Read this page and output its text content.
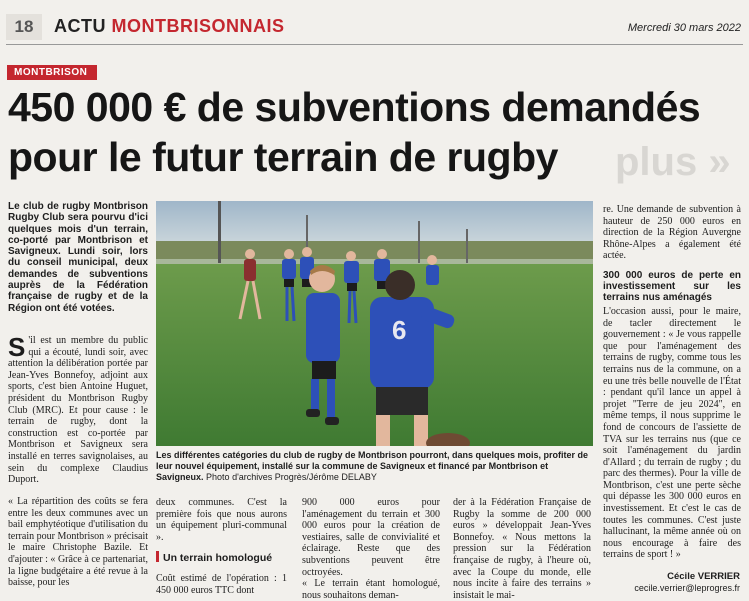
18	ACTU MONTBRISONNAIS	Mercredi 30 mars 2022
plus »
MONTBRISON
450 000 € de subventions demandés
pour le futur terrain de rugby
Le club de rugby Montbrison Rugby Club sera pourvu d'ici quelques mois d'un terrain, co-porté par Montbrison et Savigneux. Lundi soir, lors du conseil municipal, deux demandes de subventions auprès de la Fédération française de rugby et de la Région ont été votées.
S 'il est un membre du public qui a écouté, lundi soir, avec attention la délibération portée par Jean-Yves Bonnefoy, adjoint aux sports, c'est bien Antoine Huguet, président du Montbrison Rugby Club (MRC). Et pour cause : le terrain de rugby, dont la construction est co-portée par Montbrison et Savigneux sera installé en terres savignolaises, au sein du complexe Claudius Duport.
« La répartition des coûts se fera entre les deux communes avec un bail emphytéotique d'utilisation du terrain pour Montbrison » précisait le maire Christophe Bazile. Et d'ajouter : « Grâce à ce partenariat, la ligne budgétaire a été revue à la baisse, pour les
deux communes. C'est la première fois que nous aurons un équipement pluri-communal ».
Un terrain homologué
Coût estimé de l'opération : 1 450 000 euros TTC dont
900 000 euros pour l'aménagement du terrain et 300 000 euros pour la création de vestiaires, salle de convivialité et éclairage. Reste que des subventions peuvent être octroyées.
« Le terrain étant homologué, nous souhaitons deman-
der à la Fédération Française de Rugby la somme de 200 000 euros » développait Jean-Yves Bonnefoy. « Nous mettons la pression sur la Fédération française de rugby, à l'heure où, avec la Coupe du monde, elle nous incite à faire des terrains » insistait le mai-
re. Une demande de subvention à hauteur de 250 000 euros en direction de la Région Auvergne Rhône-Alpes a également été actée.
300 000 euros de perte en investissement sur les terrains nus aménagés
L'occasion aussi, pour le maire, de tacler directement le gouvernement : « Je vous rappelle que pour l'aménagement des terrains de rugby, comme tous les terrains nus de la commune, on a eu une très belle nouvelle de l'État : pendant qu'il lance un appel à projet "Terre de jeu 2024", en même temps, il nous supprime le fond de concours de l'assiette de TVA sur les terrains nus (que ce soit l'aménagement du jardin d'Allard ; du terrain de rugby ; du parc des thermes). Pour la ville de Montbrison, c'est une perte sèche qui dépasse les 300 000 euros en investissement. Et c'est le cas de toutes les communes. C'est juste hallucinant, la même année où on nous encourage à faire des terrains de sport ! »
Cécile VERRIER
cecile.verrier@leprogres.fr
6
Les différentes catégories du club de rugby de Montbrison pourront, dans quelques mois, profiter de leur nouvel équipement, installé sur la commune de Savigneux et financé par Montbrison et Savigneux. Photo d'archives Progrès/Jérôme DELABY
